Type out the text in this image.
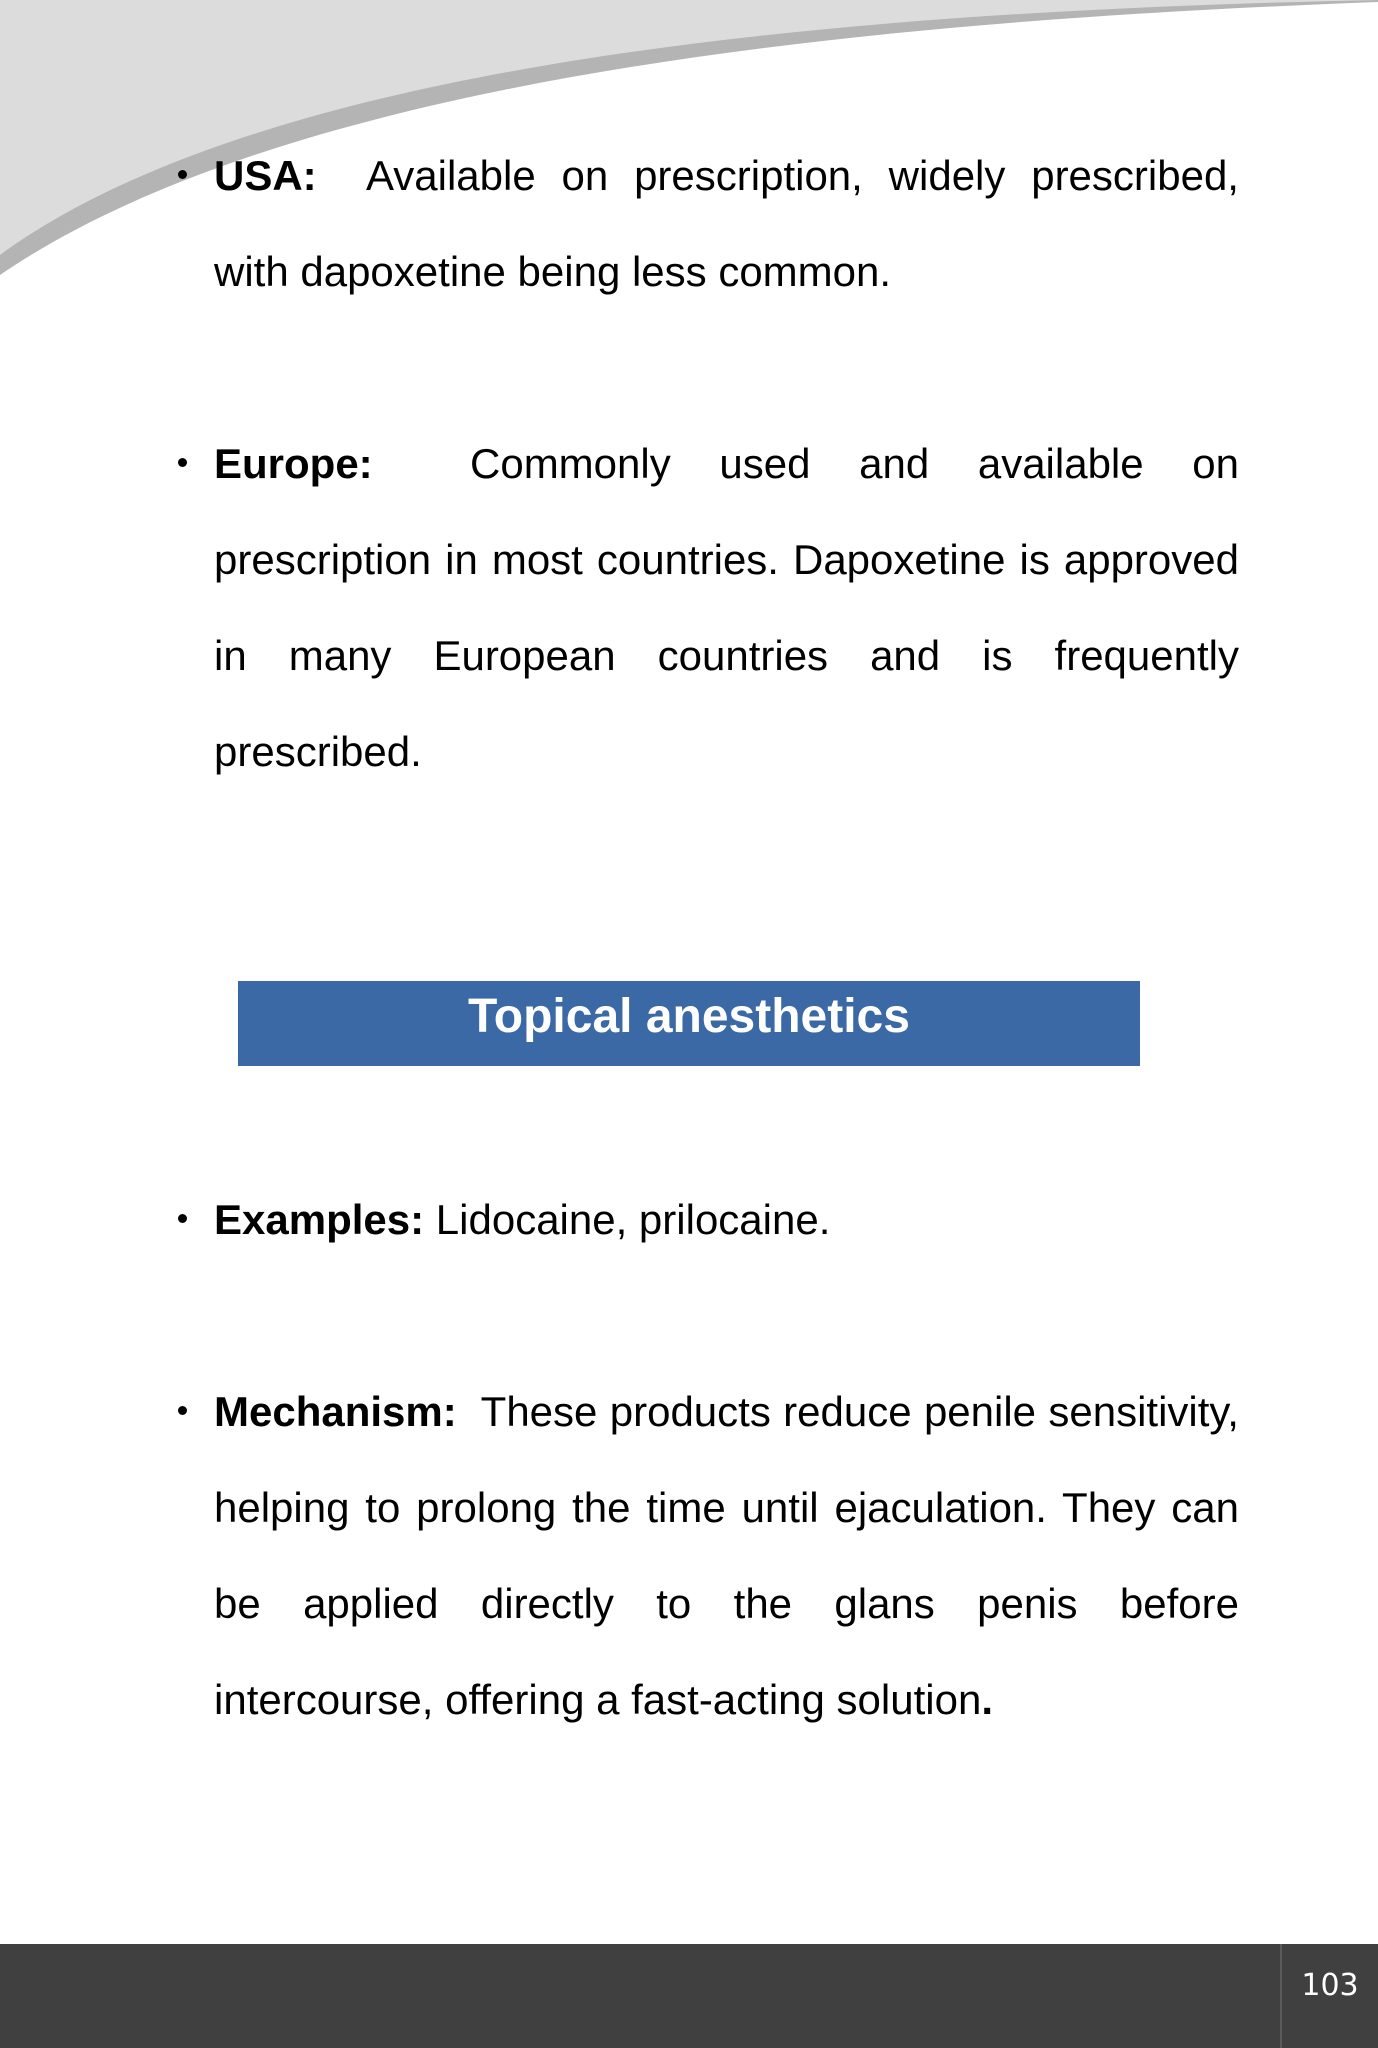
USA: Available on prescription, widely prescribed, with dapoxetine being less common.
Europe: Commonly used and available on prescription in most countries. Dapoxetine is approved in many European countries and is frequently prescribed.
Topical anesthetics
Examples: Lidocaine, prilocaine.
Mechanism: These products reduce penile sensitivity, helping to prolong the time until ejaculation. They can be applied directly to the glans penis before intercourse, offering a fast-acting solution.
103
